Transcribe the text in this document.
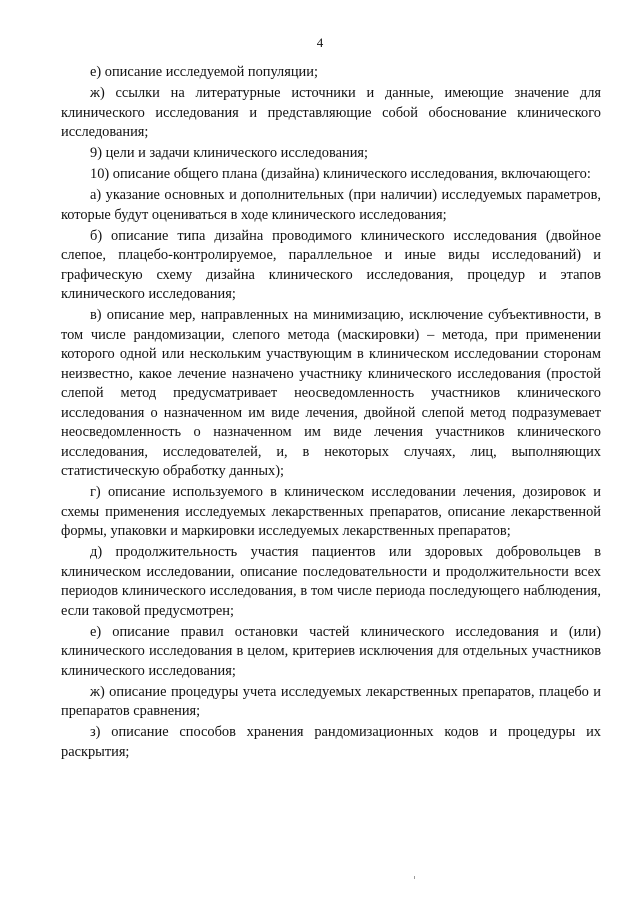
4

е) описание исследуемой популяции;

ж) ссылки на литературные источники и данные, имеющие значение для клинического исследования и представляющие собой обоснование клинического исследования;

9) цели и задачи клинического исследования;

10) описание общего плана (дизайна) клинического исследования, включающего:

а) указание основных и дополнительных (при наличии) исследуемых параметров, которые будут оцениваться в ходе клинического исследования;

б) описание типа дизайна проводимого клинического исследования (двойное слепое, плацебо-контролируемое, параллельное и иные виды исследований) и графическую схему дизайна клинического исследования, процедур и этапов клинического исследования;

в) описание мер, направленных на минимизацию, исключение субъективности, в том числе рандомизации, слепого метода (маскировки) – метода, при применении которого одной или нескольким участвующим в клиническом исследовании сторонам неизвестно, какое лечение назначено участнику клинического исследования (простой слепой метод предусматривает неосведомленность участников клинического исследования о назначенном им виде лечения, двойной слепой метод подразумевает неосведомленность о назначенном им виде лечения участников клинического исследования, исследователей, и, в некоторых случаях, лиц, выполняющих статистическую обработку данных);

г) описание используемого в клиническом исследовании лечения, дозировок и схемы применения исследуемых лекарственных препаратов, описание лекарственной формы, упаковки и маркировки исследуемых лекарственных препаратов;

д) продолжительность участия пациентов или здоровых добровольцев в клиническом исследовании, описание последовательности и продолжительности всех периодов клинического исследования, в том числе периода последующего наблюдения, если таковой предусмотрен;

е) описание правил остановки частей клинического исследования и (или) клинического исследования в целом, критериев исключения для отдельных участников клинического исследования;

ж) описание процедуры учета исследуемых лекарственных препаратов, плацебо и препаратов сравнения;

з) описание способов хранения рандомизационных кодов и процедуры их раскрытия;
